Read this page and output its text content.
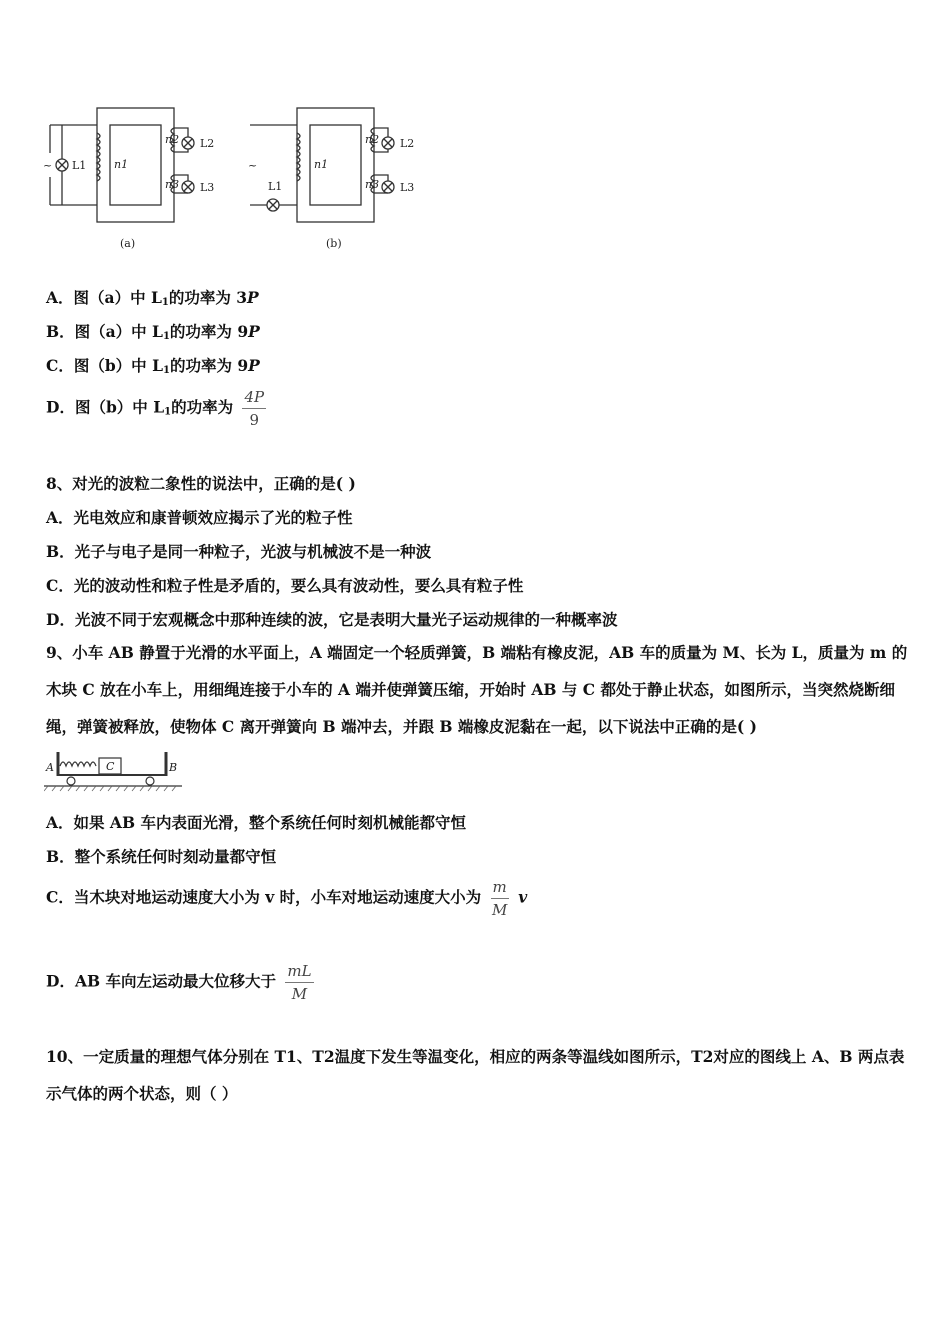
~ L1	n1
n2
n3
L2
L3
(a)
~
L1
n1
n2
n3
L2
L3
(b)
A．图（a）中 $L_1$的功率为 3P
B．图（a）中 $L_1$的功率为 9P
C．图（b）中 $L_1$的功率为 9P
D．图（b）中 $L_1$的功率为 $\frac{4P}{9}$
8、对光的波粒二象性的说法中，正确的是( )
A．光电效应和康普顿效应揭示了光的粒子性
B．光子与电子是同一种粒子，光波与机械波不是一种波
C．光的波动性和粒子性是矛盾的，要么具有波动性，要么具有粒子性
D．光波不同于宏观概念中那种连续的波，它是表明大量光子运动规律的一种概率波
9、小车 AB 静置于光滑的水平面上，A 端固定一个轻质弹簧，B 端粘有橡皮泥，AB 车的质量为 M、长为 L，质量为 m 的木块 C 放在小车上，用细绳连接于小车的 A 端并使弹簧压缩，开始时 AB 与 C 都处于静止状态，如图所示，当突然烧断细绳，弹簧被释放，使物体 C 离开弹簧向 B 端冲去，并跟 B 端橡皮泥黏在一起，以下说法中正确的是( )
A	C	B
A．如果 AB 车内表面光滑，整个系统任何时刻机械能都守恒
B．整个系统任何时刻动量都守恒
C．当木块对地运动速度大小为 v 时，小车对地运动速度大小为 $\frac{m}{M}$ v
D．AB 车向左运动最大位移大于 $\frac{mL}{M}$
10、一定质量的理想气体分别在 T1、T2温度下发生等温变化，相应的两条等温线如图所示，T2对应的图线上 A、B 两点表示气体的两个状态，则（ ）
